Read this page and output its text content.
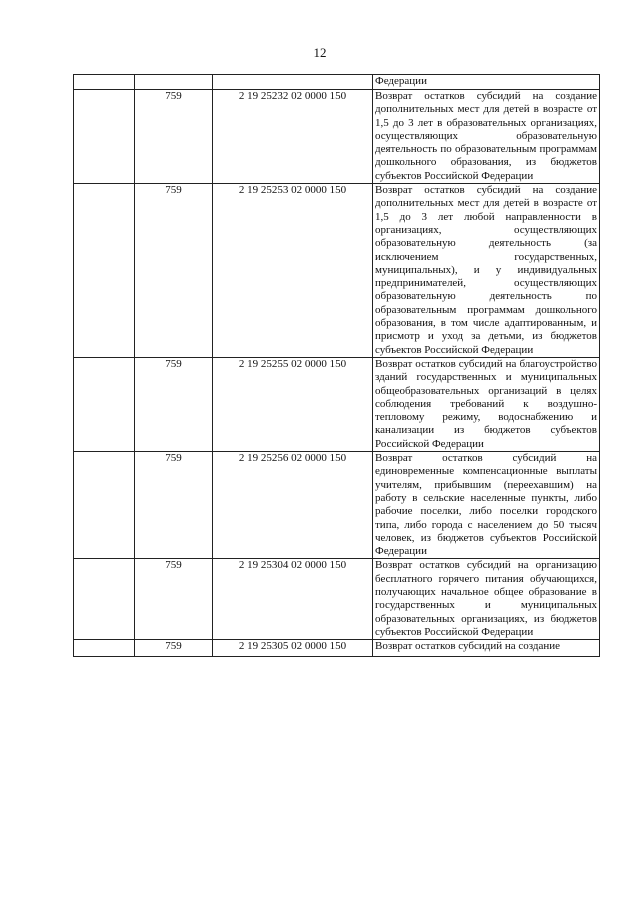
12

			Федерации

	759	2 19 25232 02 0000 150	Возврат остатков субсидий на создание дополнительных мест для детей в возрасте от 1,5 до 3 лет в образовательных организациях, осуществляющих образовательную деятельность по образовательным программам дошкольного образования, из бюджетов субъектов Российской Федерации

	759	2 19 25253 02 0000 150	Возврат остатков субсидий на создание дополнительных мест для детей в возрасте от 1,5 до 3 лет любой направленности в организациях, осуществляющих образовательную деятельность (за исключением государственных, муниципальных), и у индивидуальных предпринимателей, осуществляющих образовательную деятельность по образовательным программам дошкольного образования, в том числе адаптированным, и присмотр и уход за детьми, из бюджетов субъектов Российской Федерации

	759	2 19 25255 02 0000 150	Возврат остатков субсидий на благоустройство зданий государственных и муниципальных общеобразовательных организаций в целях соблюдения требований к воздушно-тепловому режиму, водоснабжению и канализации из бюджетов субъектов Российской Федерации

	759	2 19 25256 02 0000 150	Возврат остатков субсидий на единовременные компенсационные выплаты учителям, прибывшим (переехавшим) на работу в сельские населенные пункты, либо рабочие поселки, либо поселки городского типа, либо города с населением до 50 тысяч человек, из бюджетов субъектов Российской Федерации

	759	2 19 25304 02 0000 150	Возврат остатков субсидий на организацию бесплатного горячего питания обучающихся, получающих начальное общее образование в государственных и муниципальных образовательных организациях, из бюджетов субъектов Российской Федерации

	759	2 19 25305 02 0000 150	Возврат остатков субсидий на создание
